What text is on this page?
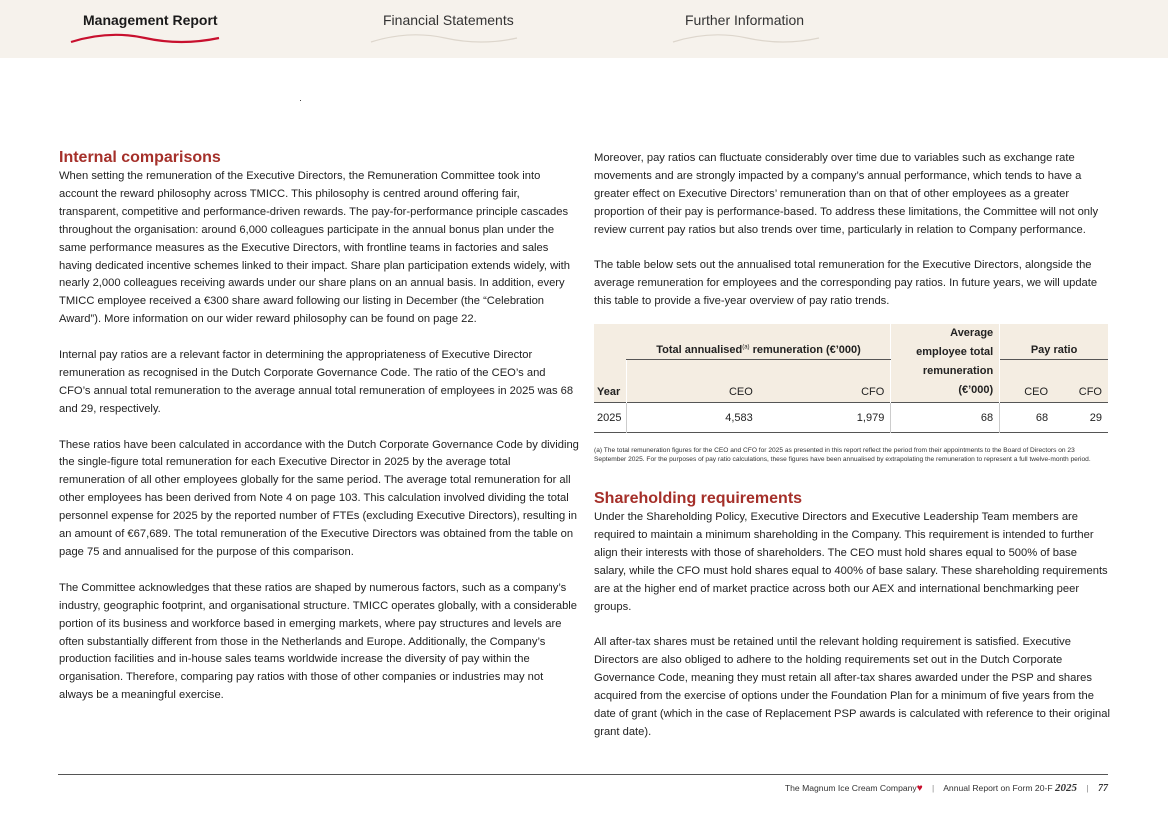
Management Report	Financial Statements	Further Information
Internal comparisons

When setting the remuneration of the Executive Directors, the Remuneration Committee took into account the reward philosophy across TMICC. This philosophy is centred around offering fair, transparent, competitive and performance-driven rewards. The pay-for-performance principle cascades throughout the organisation: around 6,000 colleagues participate in the annual bonus plan under the same performance measures as the Executive Directors, with frontline teams in factories and sales having dedicated incentive schemes linked to their impact. Share plan participation extends widely, with nearly 2,000 colleagues receiving awards under our share plans on an annual basis. In addition, every TMICC employee received a €300 share award following our listing in December (the “Celebration Award”). More information on our wider reward philosophy can be found on page 22.

Internal pay ratios are a relevant factor in determining the appropriateness of Executive Director remuneration as recognised in the Dutch Corporate Governance Code. The ratio of the CEO’s and CFO’s annual total remuneration to the average annual total remuneration of employees in 2025 was 68 and 29, respectively.

These ratios have been calculated in accordance with the Dutch Corporate Governance Code by dividing the single-figure total remuneration for each Executive Director in 2025 by the average total remuneration of all other employees globally for the same period. The average total remuneration for all other employees has been derived from Note 4 on page 103. This calculation involved dividing the total personnel expense for 2025 by the reported number of FTEs (excluding Executive Directors), resulting in an amount of €67,689. The total remuneration of the Executive Directors was obtained from the table on page 75 and annualised for the purpose of this comparison.

The Committee acknowledges that these ratios are shaped by numerous factors, such as a company’s industry, geographic footprint, and organisational structure. TMICC operates globally, with a considerable portion of its business and workforce based in emerging markets, where pay structures and levels are often substantially different from those in the Netherlands and Europe. Additionally, the Company’s production facilities and in-house sales teams worldwide increase the diversity of pay within the organisation. Therefore, comparing pay ratios with those of other companies or industries may not always be a meaningful exercise.

Moreover, pay ratios can fluctuate considerably over time due to variables such as exchange rate movements and are strongly impacted by a company’s annual performance, which tends to have a greater effect on Executive Directors’ remuneration than on that of other employees as a greater proportion of their pay is performance-based. To address these limitations, the Committee will not only review current pay ratios but also trends over time, particularly in relation to Company performance.

The table below sets out the annualised total remuneration for the Executive Directors, alongside the average remuneration for employees and the corresponding pay ratios. In future years, we will update this table to provide a five-year overview of pay ratio trends.

	Total annualised$^{(a)}$ remuneration (€’000)		Average employee total remuneration (€’000)	Pay ratio	
Year	CEO	CFO		CEO	CFO
2025	4,583	1,979	68	68	29
(a) The total remuneration figures for the CEO and CFO for 2025 as presented in this report reflect the period from their appointments to the Board of Directors on 23 September 2025. For the purposes of pay ratio calculations, these figures have been annualised by extrapolating the remuneration to represent a full twelve-month period.
Shareholding requirements

Under the Shareholding Policy, Executive Directors and Executive Leadership Team members are required to maintain a minimum shareholding in the Company. This requirement is intended to further align their interests with those of shareholders. The CEO must hold shares equal to 500% of base salary, while the CFO must hold shares equal to 400% of base salary. These shareholding requirements are at the higher end of market practice across both our AEX and international benchmarking peer groups.

All after-tax shares must be retained until the relevant holding requirement is satisfied. Executive Directors are also obliged to adhere to the holding requirements set out in the Dutch Corporate Governance Code, meaning they must retain all after-tax shares awarded under the PSP and shares acquired from the exercise of options under the Foundation Plan for a minimum of five years from the date of grant (which in the case of Replacement PSP awards is calculated with reference to their original grant date).

The Magnum Ice Cream Company♥ | Annual Report on Form 20-F 2025 | 77
